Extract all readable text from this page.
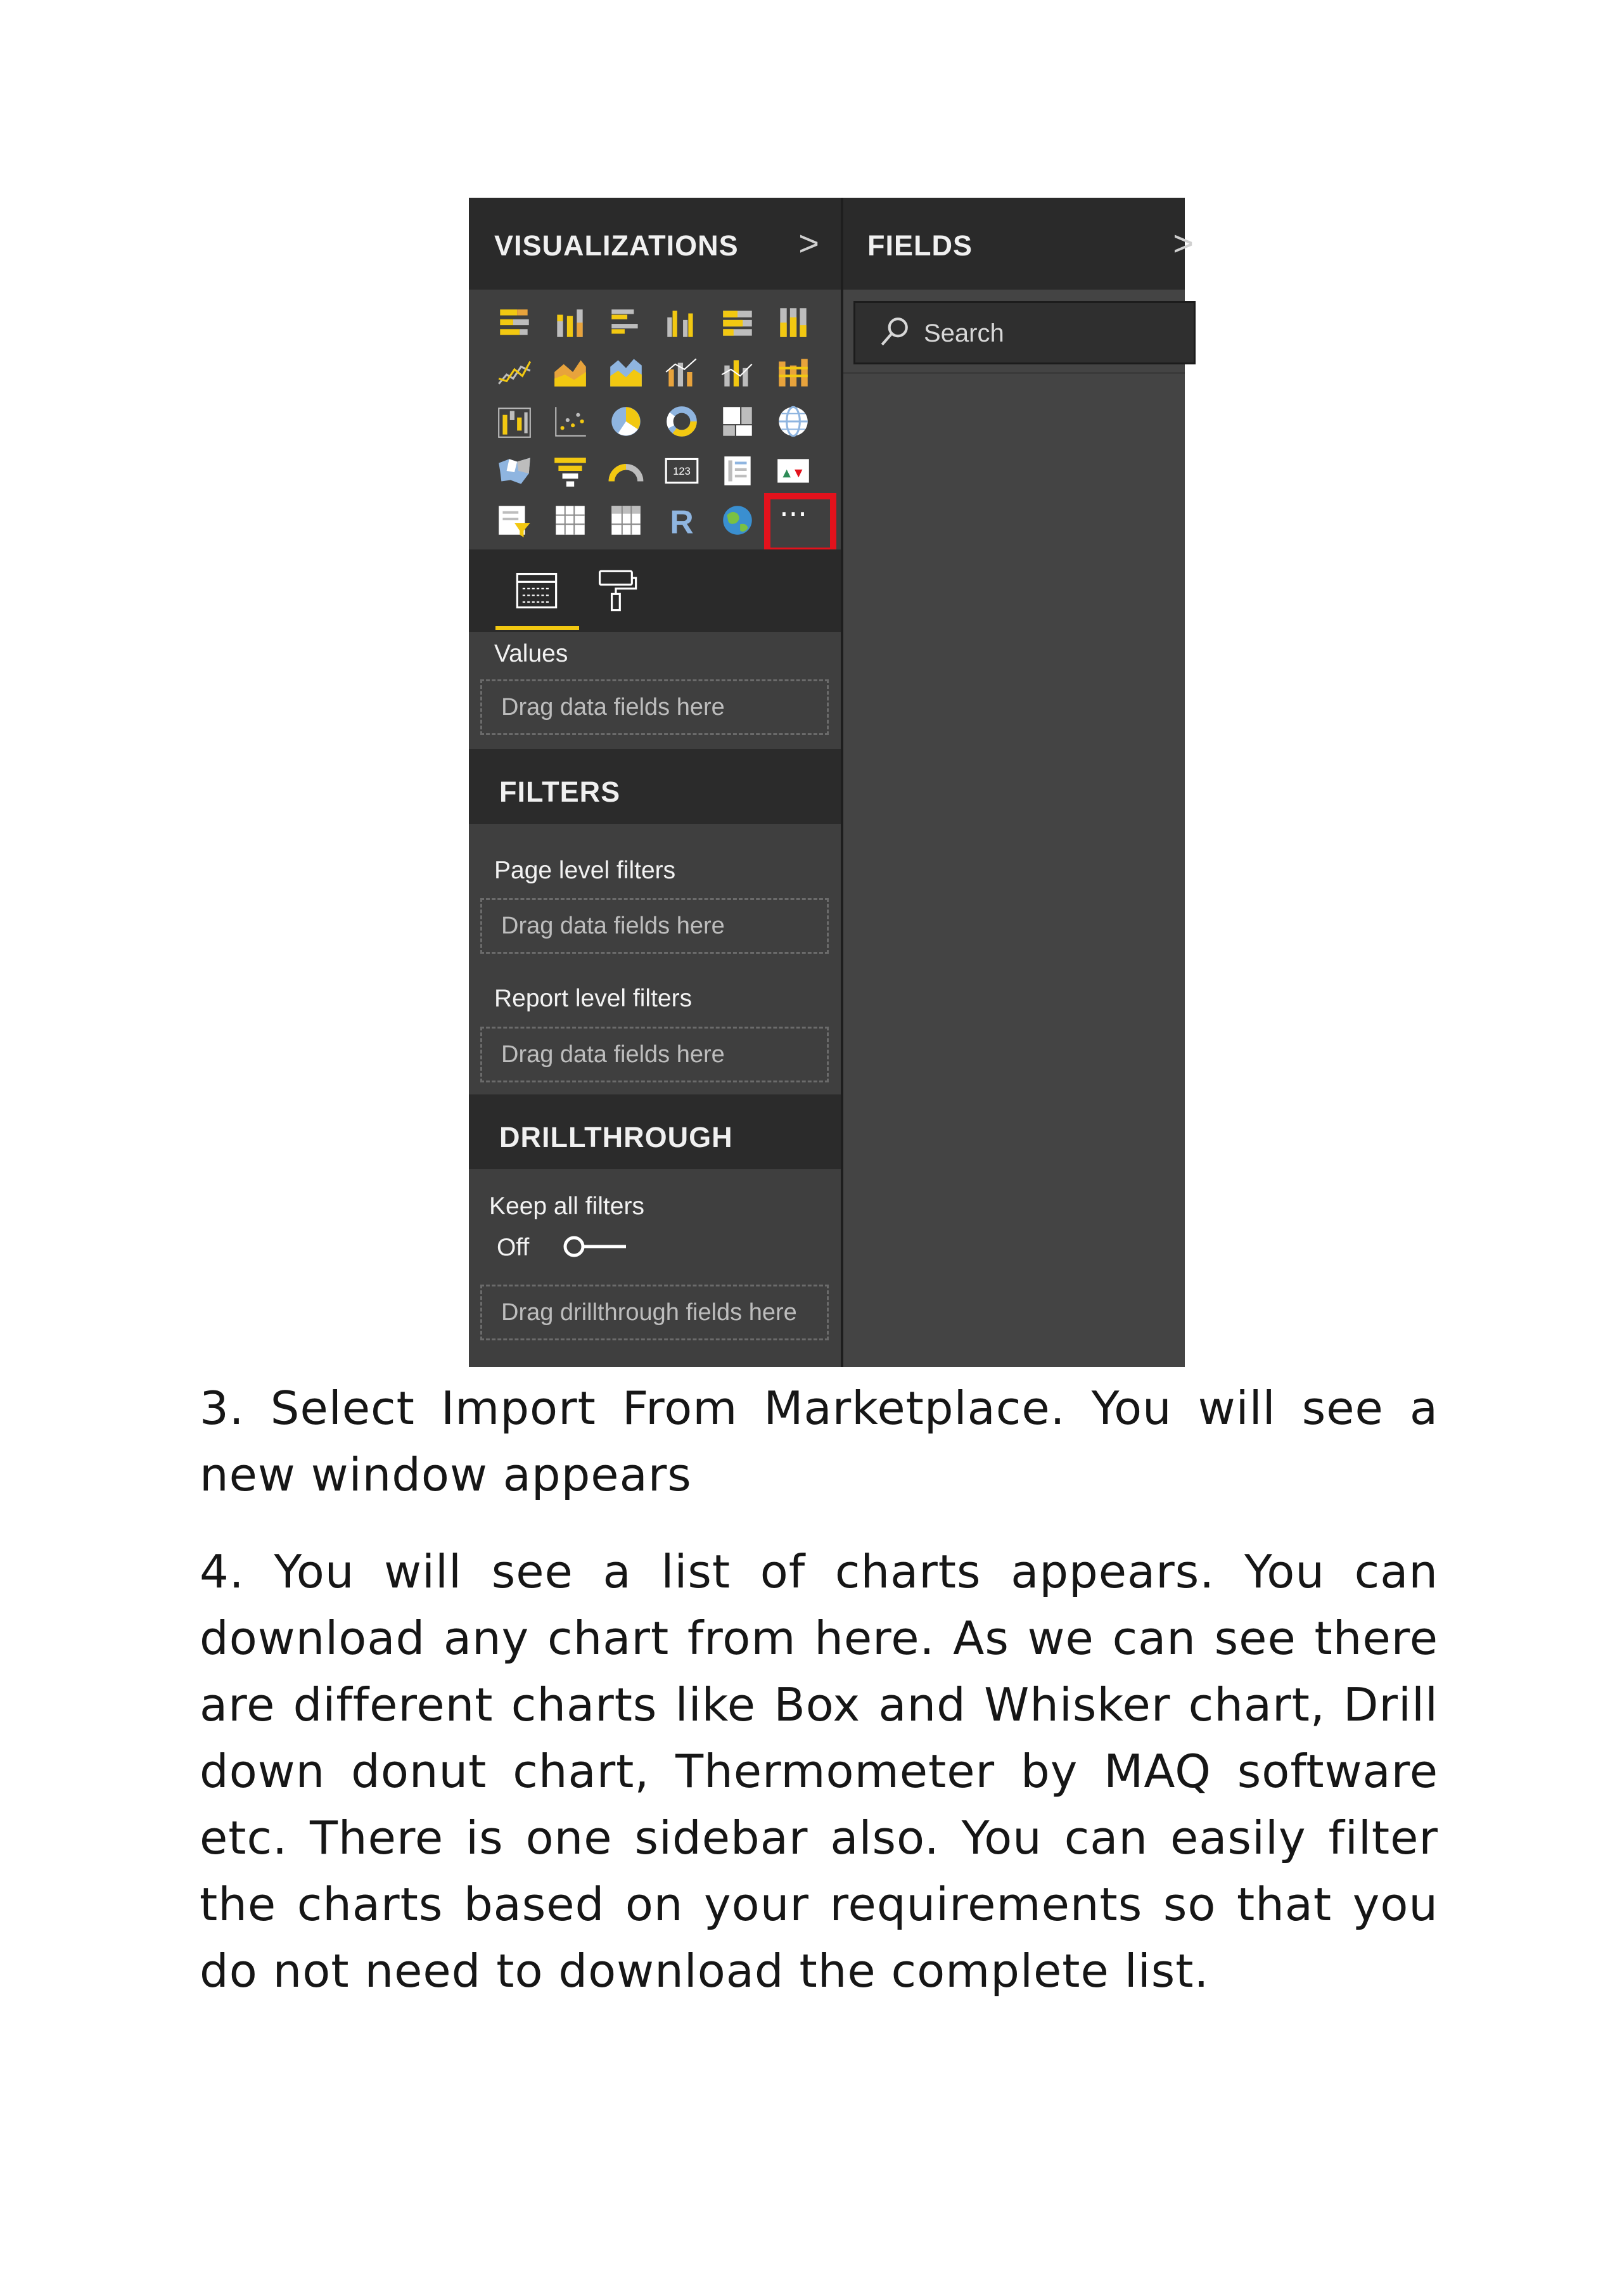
VISUALIZATIONS >
123
R	···
Values
Drag data fields here
FILTERS
Page level filters
Drag data fields here
Report level filters
Drag data fields here
DRILLTHROUGH
Keep all filters
Off
Drag drillthrough fields here
FIELDS	>
Search

3. Select Import From Marketplace. You will see a new window appears

4. You will see a list of charts appears. You can download any chart from here. As we can see there are different charts like Box and Whisker chart, Drill down donut chart, Thermometer by MAQ software etc. There is one sidebar also. You can easily filter the charts based on your requirements so that you do not need to download the complete list.
